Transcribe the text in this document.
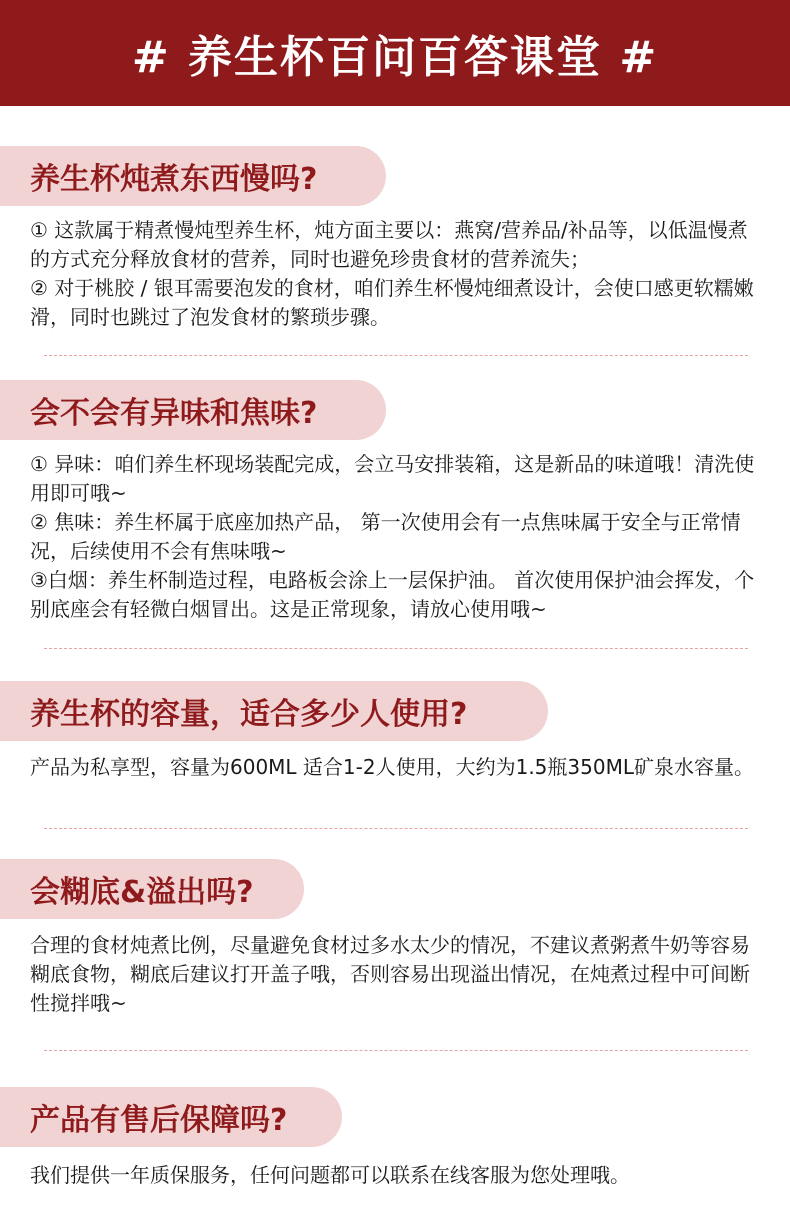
# 养生杯百问百答课堂 #
养生杯炖煮东西慢吗?

① 这款属于精煮慢炖型养生杯，炖方面主要以：燕窝/营养品/补品等，以低温慢煮的方式充分释放食材的营养，同时也避免珍贵食材的营养流失；

② 对于桃胶 / 银耳需要泡发的食材，咱们养生杯慢炖细煮设计，会使口感更软糯嫩滑，同时也跳过了泡发食材的繁琐步骤。

会不会有异味和焦味?

① 异味：咱们养生杯现场装配完成，会立马安排装箱，这是新品的味道哦！清洗使用即可哦~

② 焦味：养生杯属于底座加热产品， 第一次使用会有一点焦味属于安全与正常情况，后续使用不会有焦味哦~

③白烟：养生杯制造过程，电路板会涂上一层保护油。 首次使用保护油会挥发，个别底座会有轻微白烟冒出。这是正常现象，请放心使用哦~

养生杯的容量，适合多少人使用?

产品为私享型，容量为600ML 适合1-2人使用，大约为1.5瓶350ML矿泉水容量。

会糊底&溢出吗?

合理的食材炖煮比例，尽量避免食材过多水太少的情况，不建议煮粥煮牛奶等容易糊底食物，糊底后建议打开盖子哦，否则容易出现溢出情况，在炖煮过程中可间断性搅拌哦~

产品有售后保障吗?

我们提供一年质保服务，任何问题都可以联系在线客服为您处理哦。
